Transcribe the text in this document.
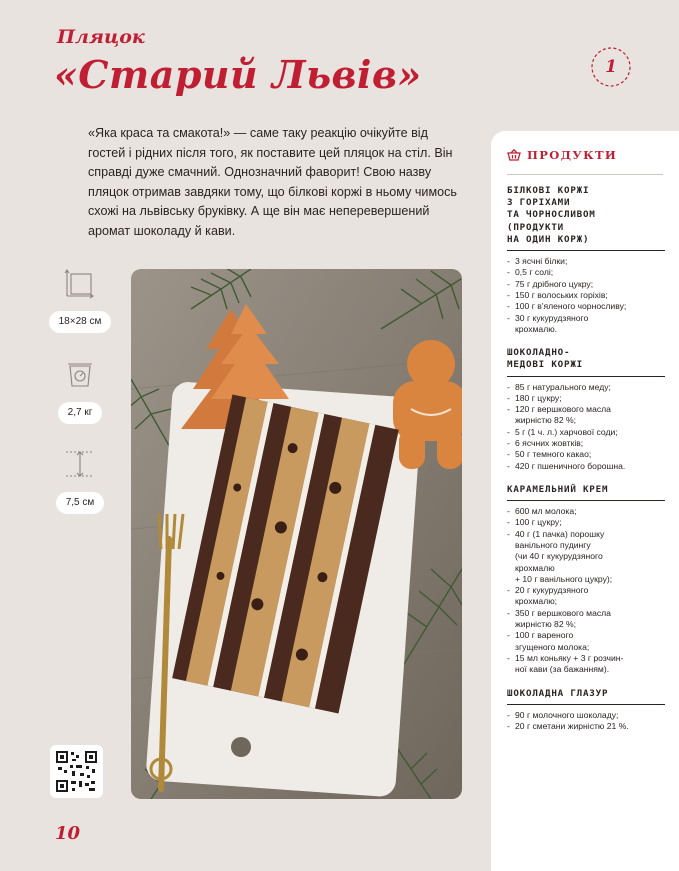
Пляцок
«Старий Львів»	1

«Яка краса та смакота!» — саме таку реакцію очікуйте від гостей і рідних після того, як поставите цей пляцок на стіл. Він справді дуже смачний. Однозначний фаворит! Свою назву пляцок отримав завдяки тому, що білкові коржі в ньому чимось схожі на львівську бруківку. А ще він має неперевершений аромат шоколаду й кави.

18×28 см
2,7 кг
7,5 см
10
ПРОДУКТИ
БІЛКОВІ КОРЖІ
З ГОРІХАМИ
ТА ЧОРНОСЛИВОМ
(ПРОДУКТИ
НА ОДИН КОРЖ)
- 3 ясчні білки;
- 0,5 г солі;
- 75 г дрібного цукру;
- 150 г волоських горіхів;
- 100 г в'яленого чорносливу;
- 30 г кукурудзяного
крохмалю.
ШОКОЛАДНО-
МЕДОВІ КОРЖІ
- 85 г натурального меду;
- 180 г цукру;
- 120 г вершкового масла
жирністю 82 %;
- 5 г (1 ч. л.) харчової соди;
- 6 ясчних жовтків;
- 50 г темного какао;
- 420 г пшеничного борошна.
КАРАМЕЛЬНИЙ КРЕМ
- 600 мл молока;
- 100 г цукру;
- 40 г (1 пачка) порошку
ванільного пудингу
(чи 40 г кукурудзяного
крохмалю
+ 10 г ванільного цукру);
- 20 г кукурудзяного
крохмалю;
- 350 г вершкового масла
жирністю 82 %;
- 100 г вареного
згущеного молока;
- 15 мл коньяку + 3 г розчин-
ної кави (за бажанням).
ШОКОЛАДНА ГЛАЗУР
- 90 г молочного шоколаду;
- 20 г сметани жирністю 21 %.
